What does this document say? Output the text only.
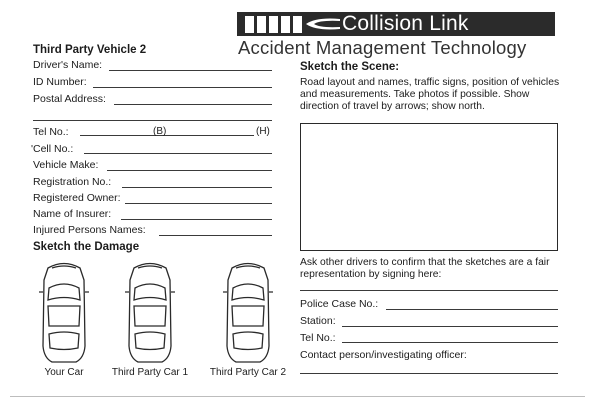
Collision Link
Accident Management Technology
Third Party Vehicle 2
Driver's Name:
ID Number:
Postal Address:
Tel No.:	(B)	(H)
'Cell No.:
Vehicle Make:
Registration No.:
Registered Owner:
Name of Insurer:
Injured Persons Names:
Sketch the Damage
Your Car	Third Party Car 1	Third Party Car 2
Sketch the Scene:
Road layout and names, traffic signs, position of vehicles and measurements. Take photos if possible. Show direction of travel by arrows; show north.
Ask other drivers to confirm that the sketches are a fair representation by signing here:
Police Case No.:
Station:
Tel No.:
Contact person/investigating officer:
